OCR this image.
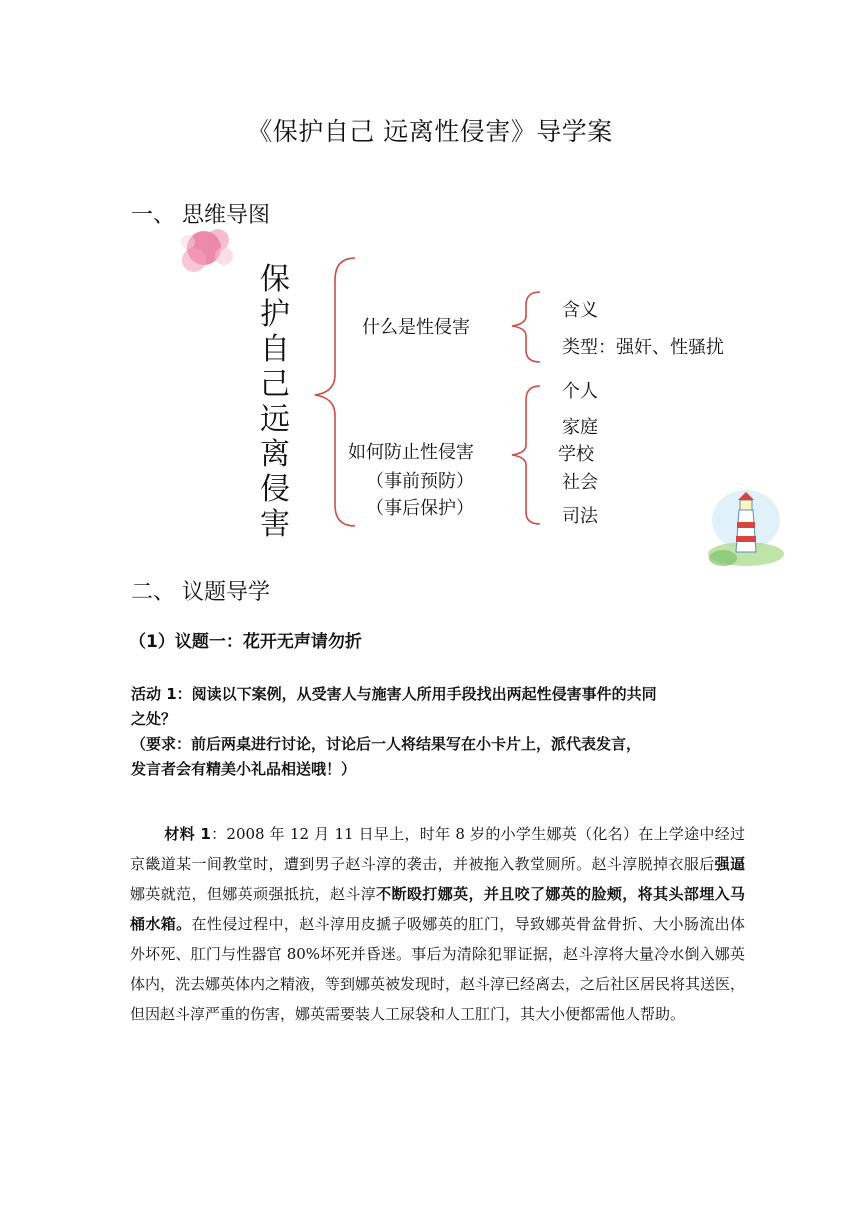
《保护自己 远离性侵害》导学案
一、 思维导图
保护自己远离侵害
什么是性侵害
含义
类型：强奸、性骚扰
如何防止性侵害
（事前预防）
（事后保护）
个人
家庭
学校
社会
司法
二、 议题导学
（1）议题一：花开无声请勿折
活动 1：阅读以下案例，从受害人与施害人所用手段找出两起性侵害事件的共同
之处？
（要求：前后两桌进行讨论，讨论后一人将结果写在小卡片上，派代表发言，
发言者会有精美小礼品相送哦！）
材料 1：2008 年 12 月 11 日早上，时年 8 岁的小学生娜英（化名）在上学途中经过京畿道某一间教堂时，遭到男子赵斗淳的袭击，并被拖入教堂厕所。赵斗淳脱掉衣服后强逼娜英就范，但娜英顽强抵抗，赵斗淳不断殴打娜英，并且咬了娜英的脸颊，将其头部埋入马桶水箱。在性侵过程中，赵斗淳用皮搋子吸娜英的肛门，导致娜英骨盆骨折、大小肠流出体外坏死、肛门与性器官 80%坏死并昏迷。事后为清除犯罪证据，赵斗淳将大量冷水倒入娜英体内，洗去娜英体内之精液，等到娜英被发现时，赵斗淳已经离去，之后社区居民将其送医，但因赵斗淳严重的伤害，娜英需要装人工尿袋和人工肛门，其大小便都需他人帮助。
